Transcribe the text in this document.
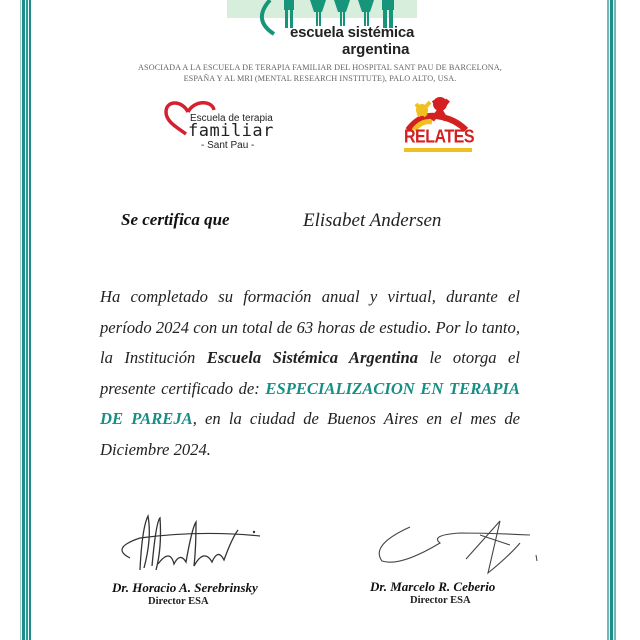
escuela sistémica
argentina
ASOCIADA A LA ESCUELA DE TERAPIA FAMILIAR DEL HOSPITAL SANT PAU DE BARCELONA,
ESPAÑA Y AL MRI (MENTAL RESEARCH INSTITUTE), PALO ALTO, USA.
Escuela de terapia
familiar
- Sant Pau -	RELATES
Se certifica que	Elisabet Andersen
Ha completado su formación anual y virtual, durante el período 2024 con un total de 63 horas de estudio. Por lo tanto, la Institución Escuela Sistémica Argentina le otorga el presente certificado de: ESPECIALIZACION EN TERAPIA DE PAREJA, en la ciudad de Buenos Aires en el mes de Diciembre 2024.
Dr. Horacio A. Serebrinsky
Director ESA
Dr. Marcelo R. Ceberio
Director ESA
